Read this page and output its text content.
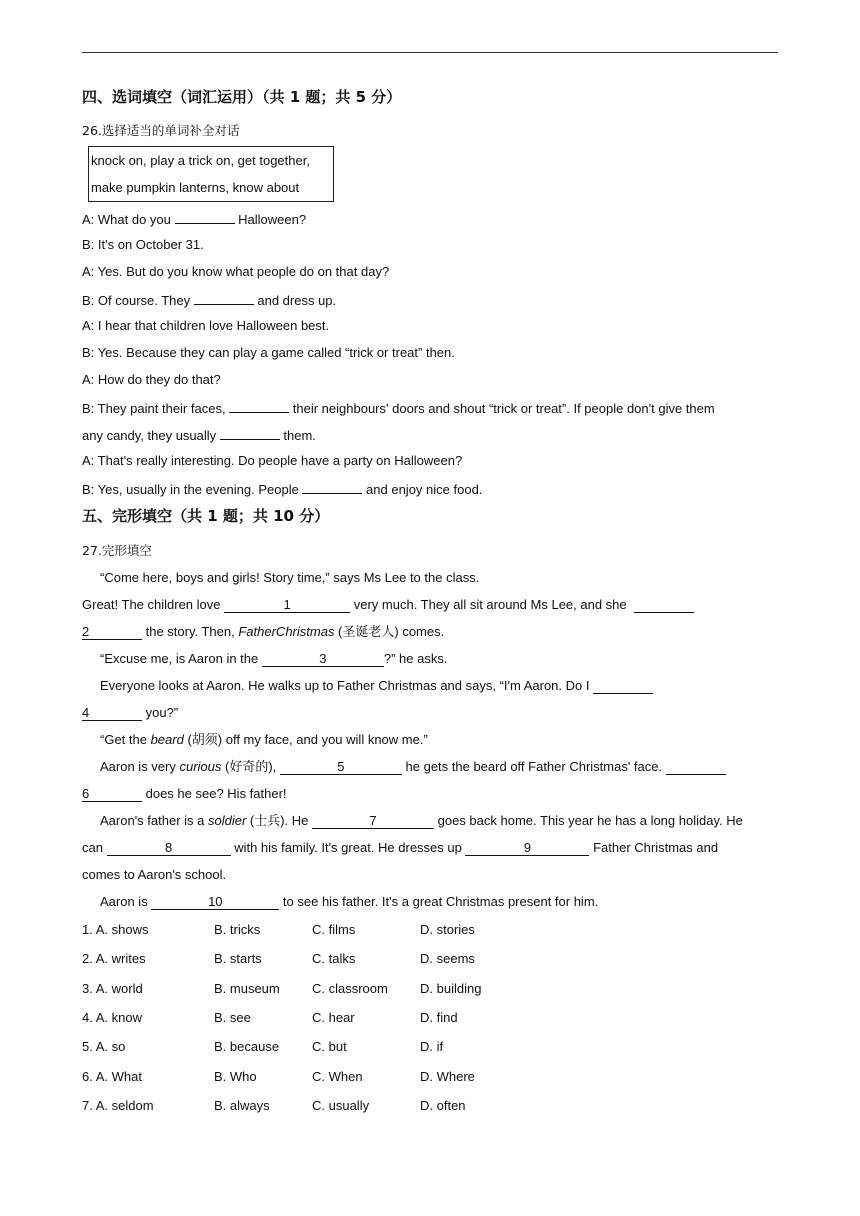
四、选词填空（词汇运用）（共 1 题；共 5 分）
26.选择适当的单词补全对话
knock on, play a trick on, get together,
make pumpkin lanterns, know about
A: What do you	Halloween?
B: It's on October 31.
A: Yes. But do you know what people do on that day?
B: Of course. They	and dress up.
A: I hear that children love Halloween best.
B: Yes. Because they can play a game called “trick or treat” then.
A: How do they do that?
B: They paint their faces,	their neighbours' doors and shout “trick or treat”. If people don't give them
any candy, they usually	them.
A: That's really interesting. Do people have a party on Halloween?
B: Yes, usually in the evening. People	and enjoy nice food.
五、完形填空（共 1 题；共 10 分）
27.完形填空
“Come here, boys and girls! Story time,” says Ms Lee to the class.
Great! The children love	1	very much. They all sit around Ms Lee, and she
2	the story. Then, FatherChristmas (圣诞老人) comes.
“Excuse me, is Aaron in the	3	?” he asks.
Everyone looks at Aaron. He walks up to Father Christmas and says, “I'm Aaron. Do I
4	you?”
“Get the beard (胡须) off my face, and you will know me.”
Aaron is very curious (好奇的),	5	he gets the beard off Father Christmas' face.
6	does he see? His father!
Aaron's father is a soldier (士兵). He	7	goes back home. This year he has a long holiday. He
can	8	with his family. It's great. He dresses up	9	Father Christmas and
comes to Aaron's school.
Aaron is	10	to see his father. It's a great Christmas present for him.
1. A. shows	B. tricks	C. films	D. stories
2. A. writes	B. starts	C. talks	D. seems
3. A. world	B. museum C. classroom D. building
4. A. know	B. see	C. hear	D. find
5. A. so	B. because	C. but	D. if
6. A. What	B. Who	C. When	D. Where
7. A. seldom	B. always	C. usually	D. often
